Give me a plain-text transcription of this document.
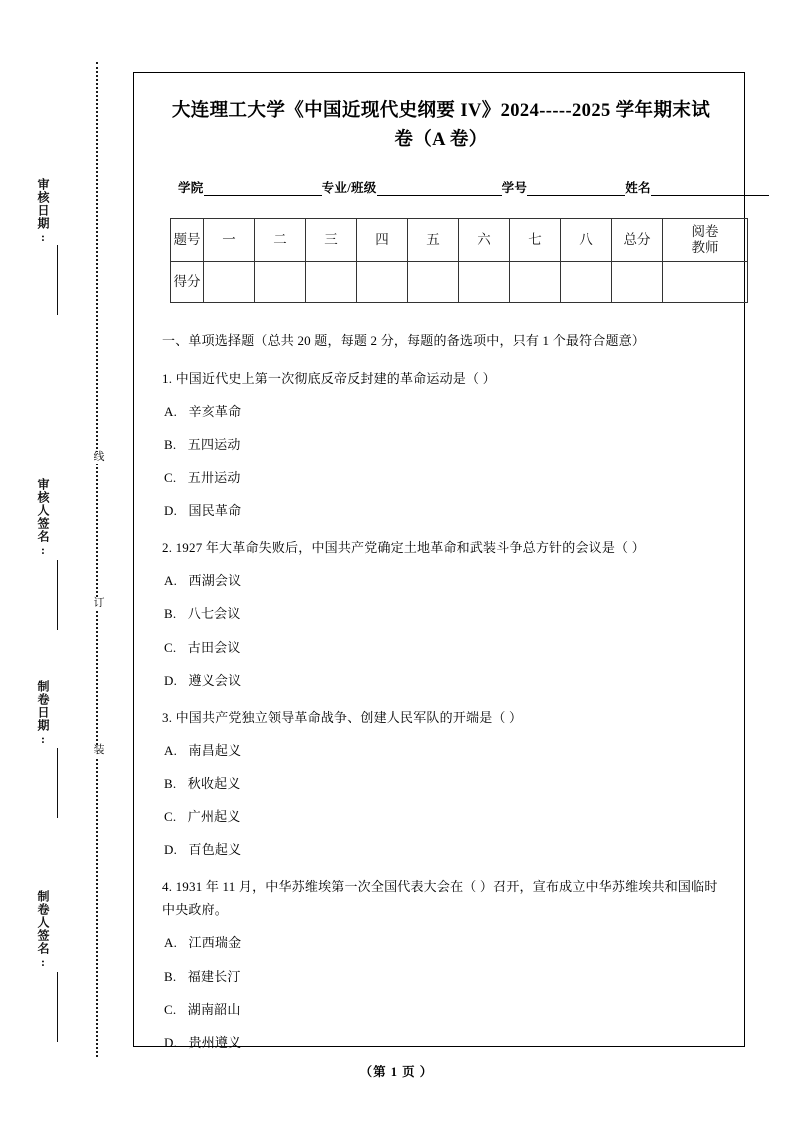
线
订
装
审核日期:
审核人签名:
制卷日期:
制卷人签名:
大连理工大学《中国近现代史纲要 IV》2024-----2025 学年期末试
卷（A 卷）
学院	专业/班级	学号	姓名
题号	一	二	三	四	五	六	七	八	总分	阅卷
教师

得分										

一、单项选择题（总共 20 题，每题 2 分，每题的备选项中，只有 1 个最符合题意）
1. 中国近代史上第一次彻底反帝反封建的革命运动是（ ）
A. 辛亥革命
B. 五四运动
C. 五卅运动
D. 国民革命
2. 1927 年大革命失败后，中国共产党确定土地革命和武装斗争总方针的会议是（ ）
A. 西湖会议
B. 八七会议
C. 古田会议
D. 遵义会议
3. 中国共产党独立领导革命战争、创建人民军队的开端是（ ）
A. 南昌起义
B. 秋收起义
C. 广州起义
D. 百色起义
4. 1931 年 11 月，中华苏维埃第一次全国代表大会在（ ）召开，宣布成立中华苏维埃共和国临时中央政府。
A. 江西瑞金
B. 福建长汀
C. 湖南韶山
D. 贵州遵义
（第 1 页 ）
